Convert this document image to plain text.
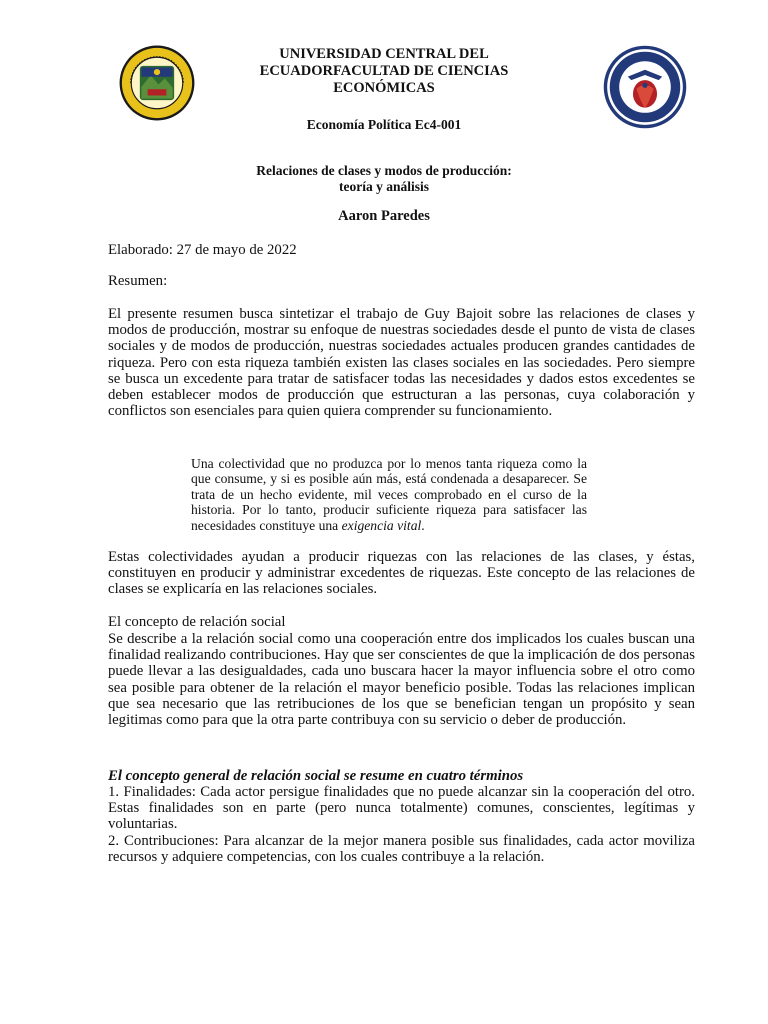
UNIVERSIDAD CENTRAL DEL
ECUADORFACULTAD DE CIENCIAS
ECONÓMICAS
Economía Política Ec4-001
Relaciones de clases y modos de producción:
teoría y análisis
Aaron Paredes
Elaborado: 27 de mayo de 2022
Resumen:
El presente resumen busca sintetizar el trabajo de Guy Bajoit sobre las relaciones de clases y modos de producción, mostrar su enfoque de nuestras sociedades desde el punto de vista de clases sociales y de modos de producción, nuestras sociedades actuales producen grandes cantidades de riqueza. Pero con esta riqueza también existen las clases sociales en las sociedades. Pero siempre se busca un excedente para tratar de satisfacer todas las necesidades y dados estos excedentes se deben establecer modos de producción que estructuran a las personas, cuya colaboración y conflictos son esenciales para quien quiera comprender su funcionamiento.
Una colectividad que no produzca por lo menos tanta riqueza como la que consume, y si es posible aún más, está condenada a desaparecer. Se trata de un hecho evidente, mil veces comprobado en el curso de la historia. Por lo tanto, producir suficiente riqueza para satisfacer las necesidades constituye una exigencia vital.
Estas colectividades ayudan a producir riquezas con las relaciones de las clases, y éstas, constituyen en producir y administrar excedentes de riquezas. Este concepto de las relaciones de clases se explicaría en las relaciones sociales.
El concepto de relación social
Se describe a la relación social como una cooperación entre dos implicados los cuales buscan una finalidad realizando contribuciones. Hay que ser conscientes de que la implicación de dos personas puede llevar a las desigualdades, cada uno buscara hacer la mayor influencia sobre el otro como sea posible para obtener de la relación el mayor beneficio posible. Todas las relaciones implican que sea necesario que las retribuciones de los que se benefician tengan un propósito y sean legitimas como para que la otra parte contribuya con su servicio o deber de producción.
El concepto general de relación social se resume en cuatro términos
1. Finalidades: Cada actor persigue finalidades que no puede alcanzar sin la cooperación del otro. Estas finalidades son en parte (pero nunca totalmente) comunes, conscientes, legítimas y voluntarias.
2. Contribuciones: Para alcanzar de la mejor manera posible sus finalidades, cada actor moviliza recursos y adquiere competencias, con los cuales contribuye a la relación.
